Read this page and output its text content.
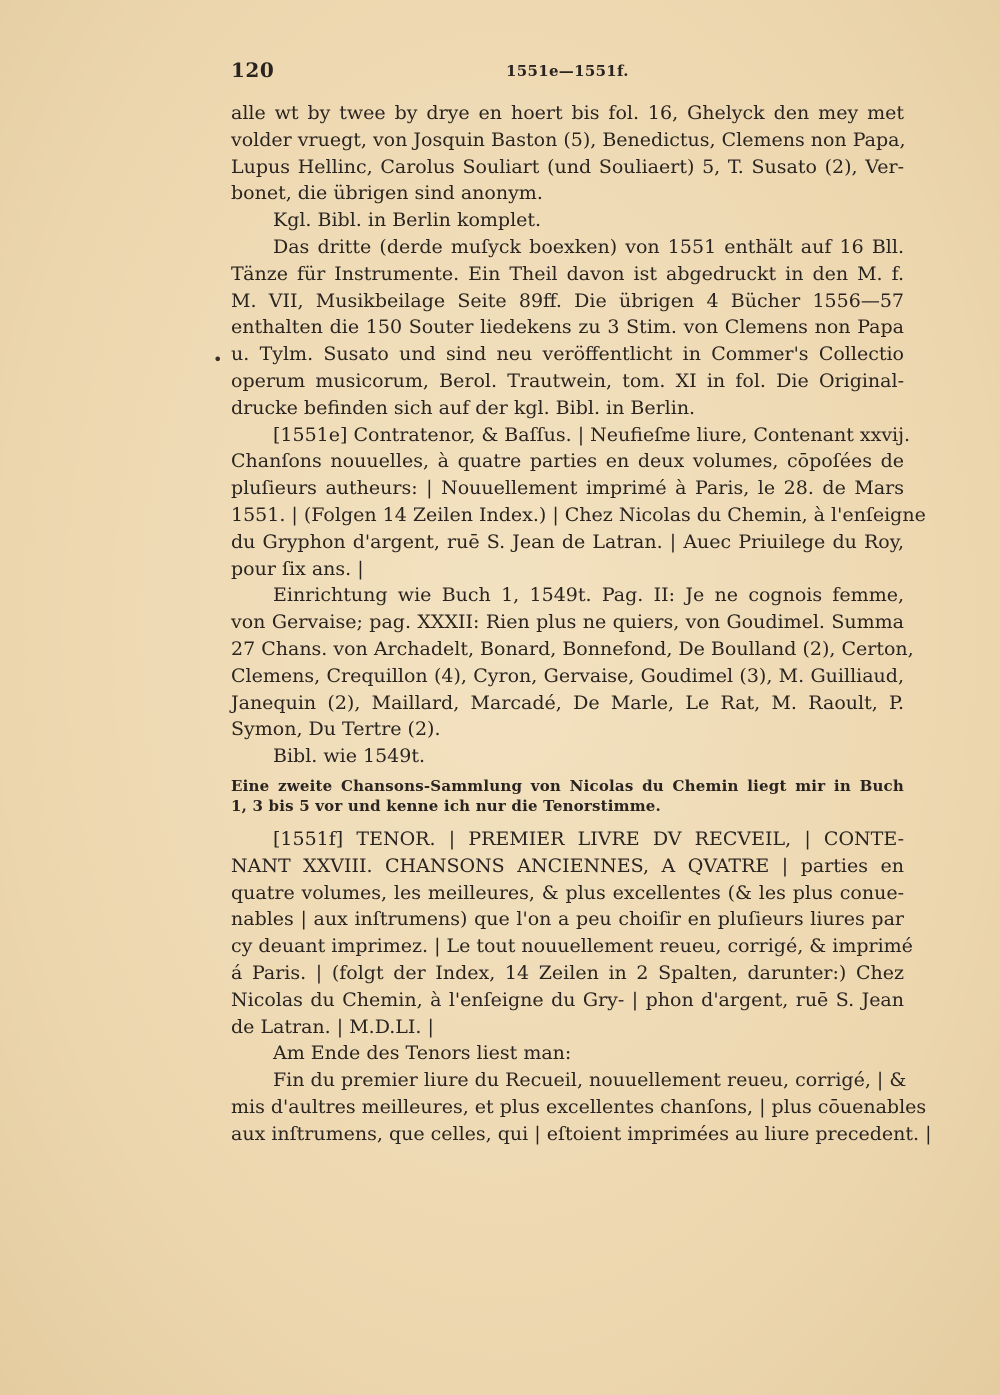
120	1551e—1551f.
•
alle wt by twee by drye en hoert bis fol. 16, Ghelyck den mey met
volder vruegt, von Josquin Baston (5), Benedictus, Clemens non Papa,
Lupus Hellinc, Carolus Souliart (und Souliaert) 5, T. Susato (2), Ver-
bonet, die übrigen sind anonym.
Kgl. Bibl. in Berlin komplet.
Das dritte (derde muſyck boexken) von 1551 enthält auf 16 Bll.
Tänze für Instrumente. Ein Theil davon ist abgedruckt in den M. f.
M. VII, Musikbeilage Seite 89ff. Die übrigen 4 Bücher 1556—57
enthalten die 150 Souter liedekens zu 3 Stim. von Clemens non Papa
u. Tylm. Susato und sind neu veröffentlicht in Commer's Collectio
operum musicorum, Berol. Trautwein, tom. XI in fol. Die Original-
drucke befinden sich auf der kgl. Bibl. in Berlin.
[1551e] Contratenor, & Baſſus. | Neufieſme liure, Contenant xxvij.
Chanſons nouuelles, à quatre parties en deux volumes, cōpoſées de
pluſieurs autheurs: | Nouuellement imprimé à Paris, le 28. de Mars
1551. | (Folgen 14 Zeilen Index.) | Chez Nicolas du Chemin, à l'enſeigne
du Gryphon d'argent, ruē S. Jean de Latran. | Auec Priuilege du Roy,
pour ſix ans. |
Einrichtung wie Buch 1, 1549t. Pag. II: Je ne cognois femme,
von Gervaise; pag. XXXII: Rien plus ne quiers, von Goudimel. Summa
27 Chans. von Archadelt, Bonard, Bonnefond, De Boulland (2), Certon,
Clemens, Crequillon (4), Cyron, Gervaise, Goudimel (3), M. Guilliaud,
Janequin (2), Maillard, Marcadé, De Marle, Le Rat, M. Raoult, P.
Symon, Du Tertre (2).
Bibl. wie 1549t.
Eine zweite Chansons-Sammlung von Nicolas du Chemin liegt mir in Buch
1, 3 bis 5 vor und kenne ich nur die Tenorstimme.
[1551f] TENOR. | PREMIER LIVRE DV RECVEIL, | CONTE-
NANT XXVIII. CHANSONS ANCIENNES, A QVATRE | parties en
quatre volumes, les meilleures, & plus excellentes (& les plus conue-
nables | aux inſtrumens) que l'on a peu choiſir en pluſieurs liures par
cy deuant imprimez. | Le tout nouuellement reueu, corrigé, & imprimé
á Paris. | (folgt der Index, 14 Zeilen in 2 Spalten, darunter:) Chez
Nicolas du Chemin, à l'enſeigne du Gry- | phon d'argent, ruē S. Jean
de Latran. | M.D.LI. |
Am Ende des Tenors liest man:
Fin du premier liure du Recueil, nouuellement reueu, corrigé, | &
mis d'aultres meilleures, et plus excellentes chanſons, | plus cōuenables
aux inſtrumens, que celles, qui | eſtoient imprimées au liure precedent. |
